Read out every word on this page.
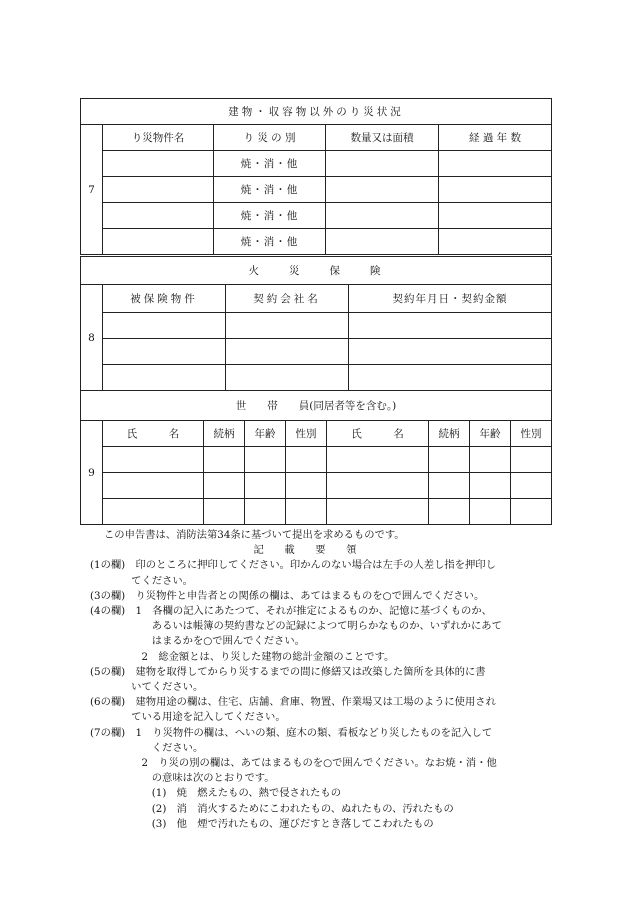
建物・収容物以外のり災状況				
7	り災物件名	り 災 の 別	数量又は面積	経 過 年 数
		焼・消・他		
		焼・消・他		
		焼・消・他		
		焼・消・他		
火　　災　　保　　険			
8	被保険物件	契約会社名	契約年月日・契約金額

世　　帯　　員(同居者等を含む。)								
9	氏　　　名	続柄	年齢	性別	氏　　　名	続柄	年齢	性別

この申告書は、消防法第34条に基づいて提出を求めるものです。
記　　載　　要　　領
(1の欄)　印のところに押印してください。印かんのない場合は左手の人差し指を押印し
　　　　てください。
(3の欄)　り災物件と申告者との関係の欄は、あてはまるものを○で囲んでください。
(4の欄)　1　各欄の記入にあたつて、それが推定によるものか、記憶に基づくものか、
　　　　　　あるいは帳簿の契約書などの記録によつて明らかなものか、いずれかにあて
　　　　　　はまるかを○で囲んでください。
　　　　　2　総金額とは、り災した建物の総計金額のことです。
(5の欄)　建物を取得してからり災するまでの間に修繕又は改築した箇所を具体的に書
　　　　いてください。
(6の欄)　建物用途の欄は、住宅、店舗、倉庫、物置、作業場又は工場のように使用され
　　　　ている用途を記入してください。
(7の欄)　1　り災物件の欄は、へいの類、庭木の類、看板などり災したものを記入して
　　　　　　ください。
　　　　　2　り災の別の欄は、あてはまるものを○で囲んでください。なお焼・消・他
　　　　　　の意味は次のとおりです。
　　　　　　(1)　焼　燃えたもの、熱で侵されたもの
　　　　　　(2)　消　消火するためにこわれたもの、ぬれたもの、汚れたもの
　　　　　　(3)　他　煙で汚れたもの、運びだすとき落してこわれたもの
